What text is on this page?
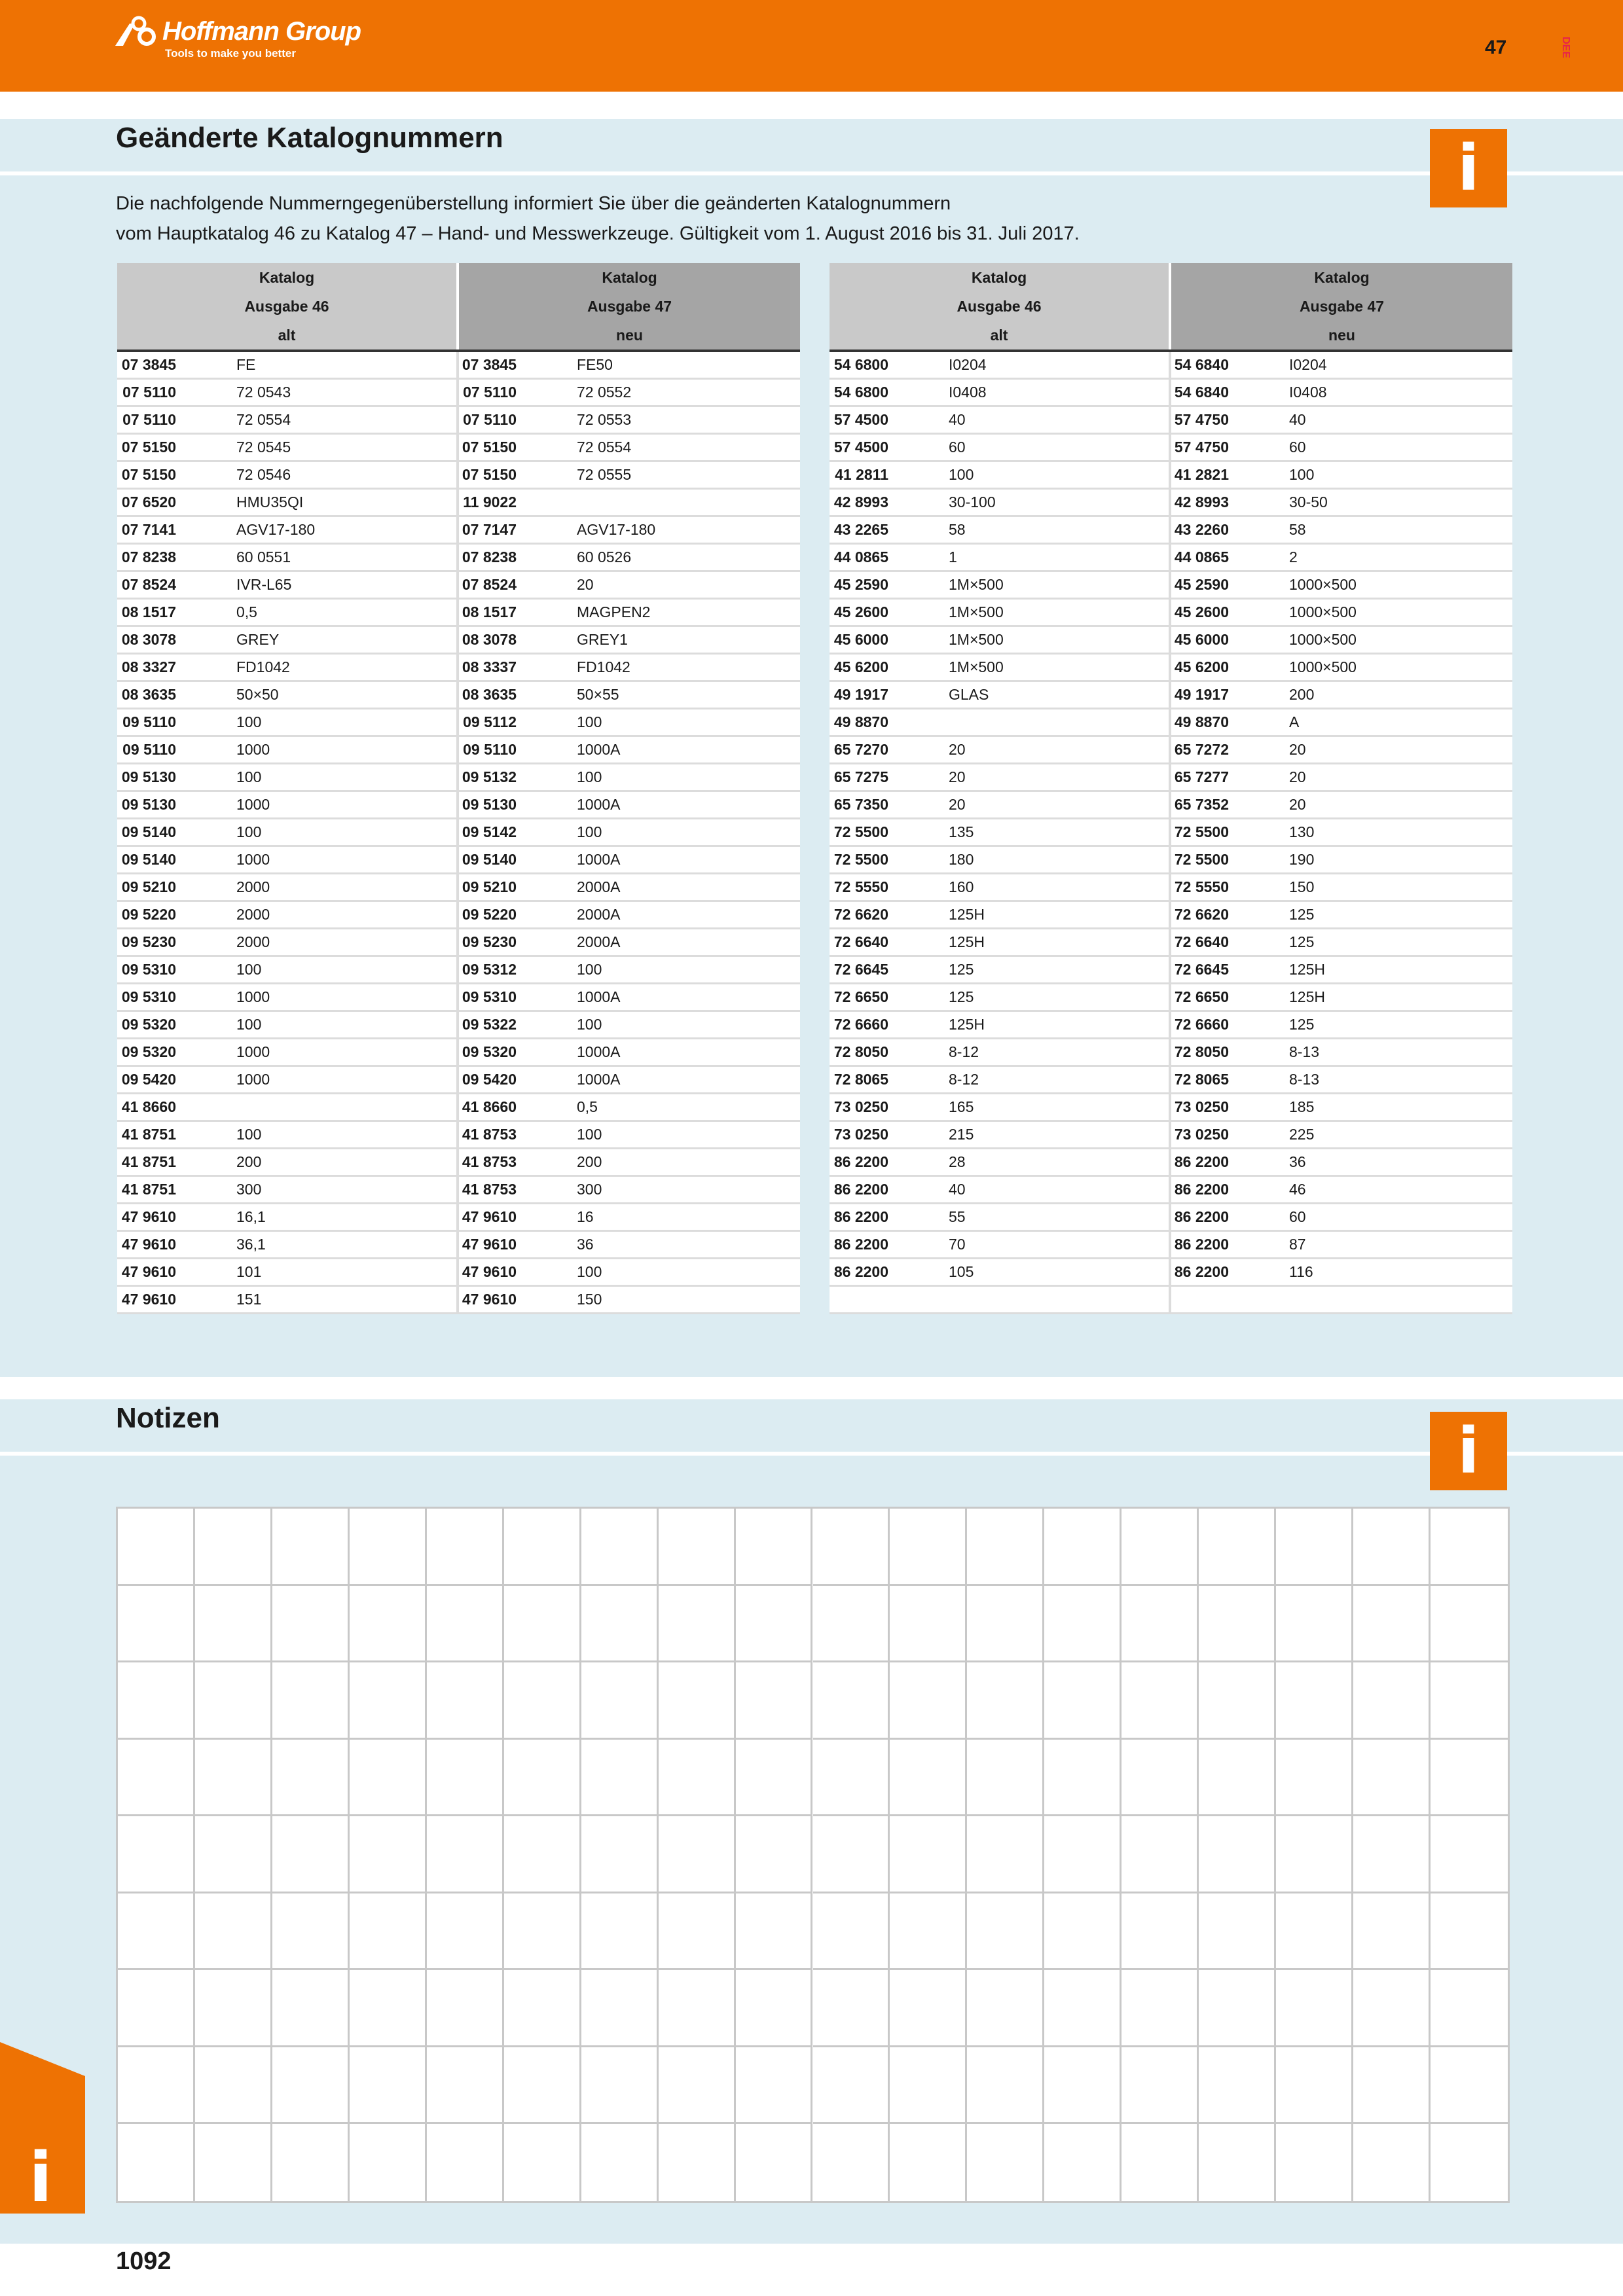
Hoffmann Group
Tools to make you better	47	DEE
Geänderte Katalognummern	i
Die nachfolgende Nummerngegenüberstellung informiert Sie über die geänderten Katalognummern
vom Hauptkatalog 46 zu Katalog 47 – Hand- und Messwerkzeuge. Gültigkeit vom 1. August 2016 bis 31. Juli 2017.
Katalog		Katalog	
Ausgabe 46		Ausgabe 47	
alt		neu	
07 3845	FE	07 3845	FE50
07 5110	72 0543	07 5110	72 0552
07 5110	72 0554	07 5110	72 0553
07 5150	72 0545	07 5150	72 0554
07 5150	72 0546	07 5150	72 0555
07 6520	HMU35QI	11 9022	
07 7141	AGV17-180	07 7147	AGV17-180
07 8238	60 0551	07 8238	60 0526
07 8524	IVR-L65	07 8524	20
08 1517	0,5	08 1517	MAGPEN2
08 3078	GREY	08 3078	GREY1
08 3327	FD1042	08 3337	FD1042
08 3635	50×50	08 3635	50×55
09 5110	100	09 5112	100
09 5110	1000	09 5110	1000A
09 5130	100	09 5132	100
09 5130	1000	09 5130	1000A
09 5140	100	09 5142	100
09 5140	1000	09 5140	1000A
09 5210	2000	09 5210	2000A
09 5220	2000	09 5220	2000A
09 5230	2000	09 5230	2000A
09 5310	100	09 5312	100
09 5310	1000	09 5310	1000A
09 5320	100	09 5322	100
09 5320	1000	09 5320	1000A
09 5420	1000	09 5420	1000A
41 8660		41 8660	0,5
41 8751	100	41 8753	100
41 8751	200	41 8753	200
41 8751	300	41 8753	300
47 9610	16,1	47 9610	16
47 9610	36,1	47 9610	36
47 9610	101	47 9610	100
47 9610	151	47 9610	150
Katalog		Katalog	
Ausgabe 46		Ausgabe 47	
alt		neu	
54 6800	I0204	54 6840	I0204
54 6800	I0408	54 6840	I0408
57 4500	40	57 4750	40
57 4500	60	57 4750	60
41 2811	100	41 2821	100
42 8993	30-100	42 8993	30-50
43 2265	58	43 2260	58
44 0865	1	44 0865	2
45 2590	1M×500	45 2590	1000×500
45 2600	1M×500	45 2600	1000×500
45 6000	1M×500	45 6000	1000×500
45 6200	1M×500	45 6200	1000×500
49 1917	GLAS	49 1917	200
49 8870		49 8870	A
65 7270	20	65 7272	20
65 7275	20	65 7277	20
65 7350	20	65 7352	20
72 5500	135	72 5500	130
72 5500	180	72 5500	190
72 5550	160	72 5550	150
72 6620	125H	72 6620	125
72 6640	125H	72 6640	125
72 6645	125	72 6645	125H
72 6650	125	72 6650	125H
72 6660	125H	72 6660	125
72 8050	8-12	72 8050	8-13
72 8065	8-12	72 8065	8-13
73 0250	165	73 0250	185
73 0250	215	73 0250	225
86 2200	28	86 2200	36
86 2200	40	86 2200	46
86 2200	55	86 2200	60
86 2200	70	86 2200	87
86 2200	105	86 2200	116

Notizen	i
i
1092
